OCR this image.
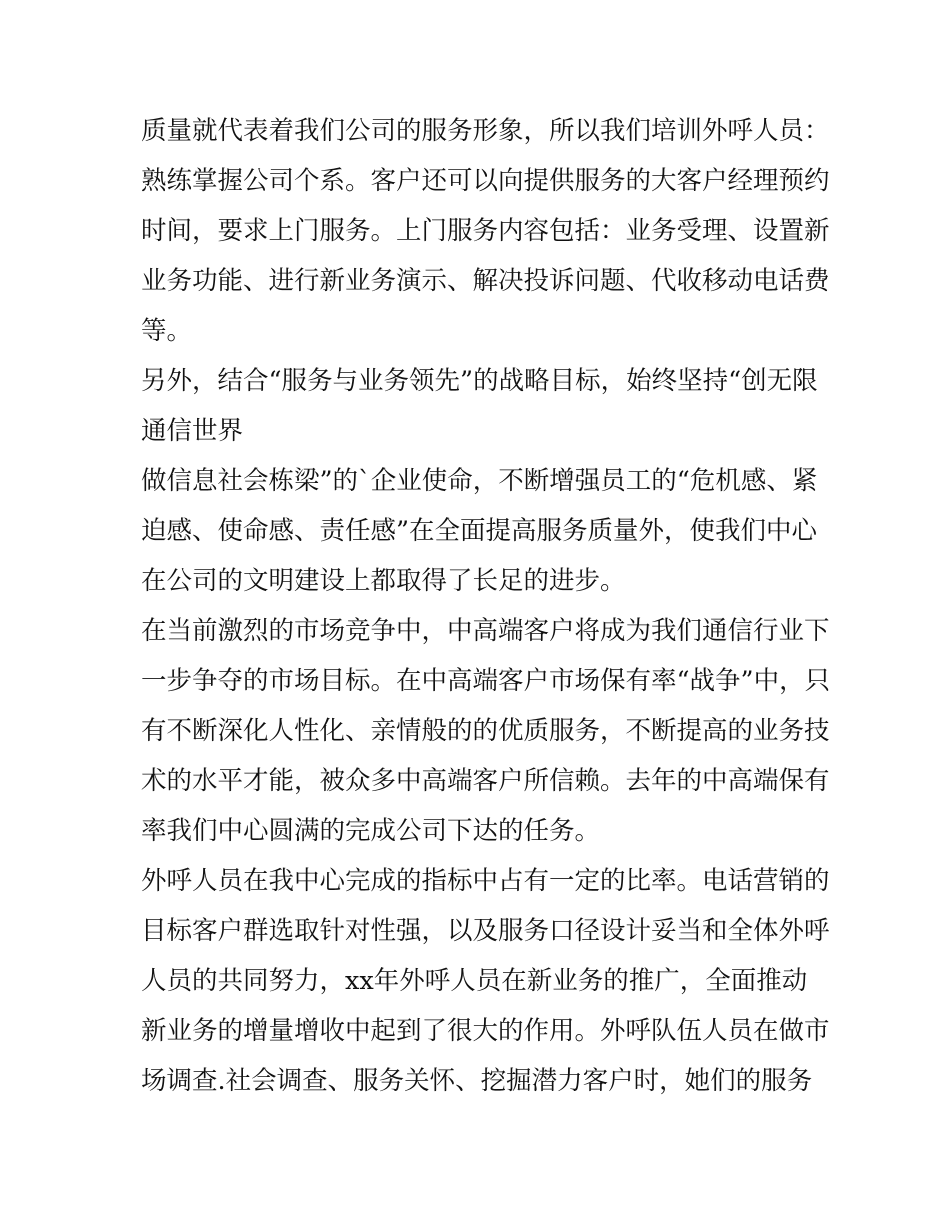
质量就代表着我们公司的服务形象，所以我们培训外呼人员：
熟练掌握公司个系。客户还可以向提供服务的大客户经理预约
时间，要求上门服务。上门服务内容包括：业务受理、设置新
业务功能、进行新业务演示、解决投诉问题、代收移动电话费
等。
另外，结合“服务与业务领先”的战略目标，始终坚持“创无限
通信世界
做信息社会栋梁”的`企业使命，不断增强员工的“危机感、紧
迫感、使命感、责任感”在全面提高服务质量外，使我们中心
在公司的文明建设上都取得了长足的进步。
在当前激烈的市场竞争中，中高端客户将成为我们通信行业下
一步争夺的市场目标。在中高端客户市场保有率“战争”中，只
有不断深化人性化、亲情般的的优质服务，不断提高的业务技
术的水平才能，被众多中高端客户所信赖。去年的中高端保有
率我们中心圆满的完成公司下达的任务。
外呼人员在我中心完成的指标中占有一定的比率。电话营销的
目标客户群选取针对性强，以及服务口径设计妥当和全体外呼
人员的共同努力，xx年外呼人员在新业务的推广，全面推动
新业务的增量增收中起到了很大的作用。外呼队伍人员在做市
场调查.社会调查、服务关怀、挖掘潜力客户时，她们的服务
